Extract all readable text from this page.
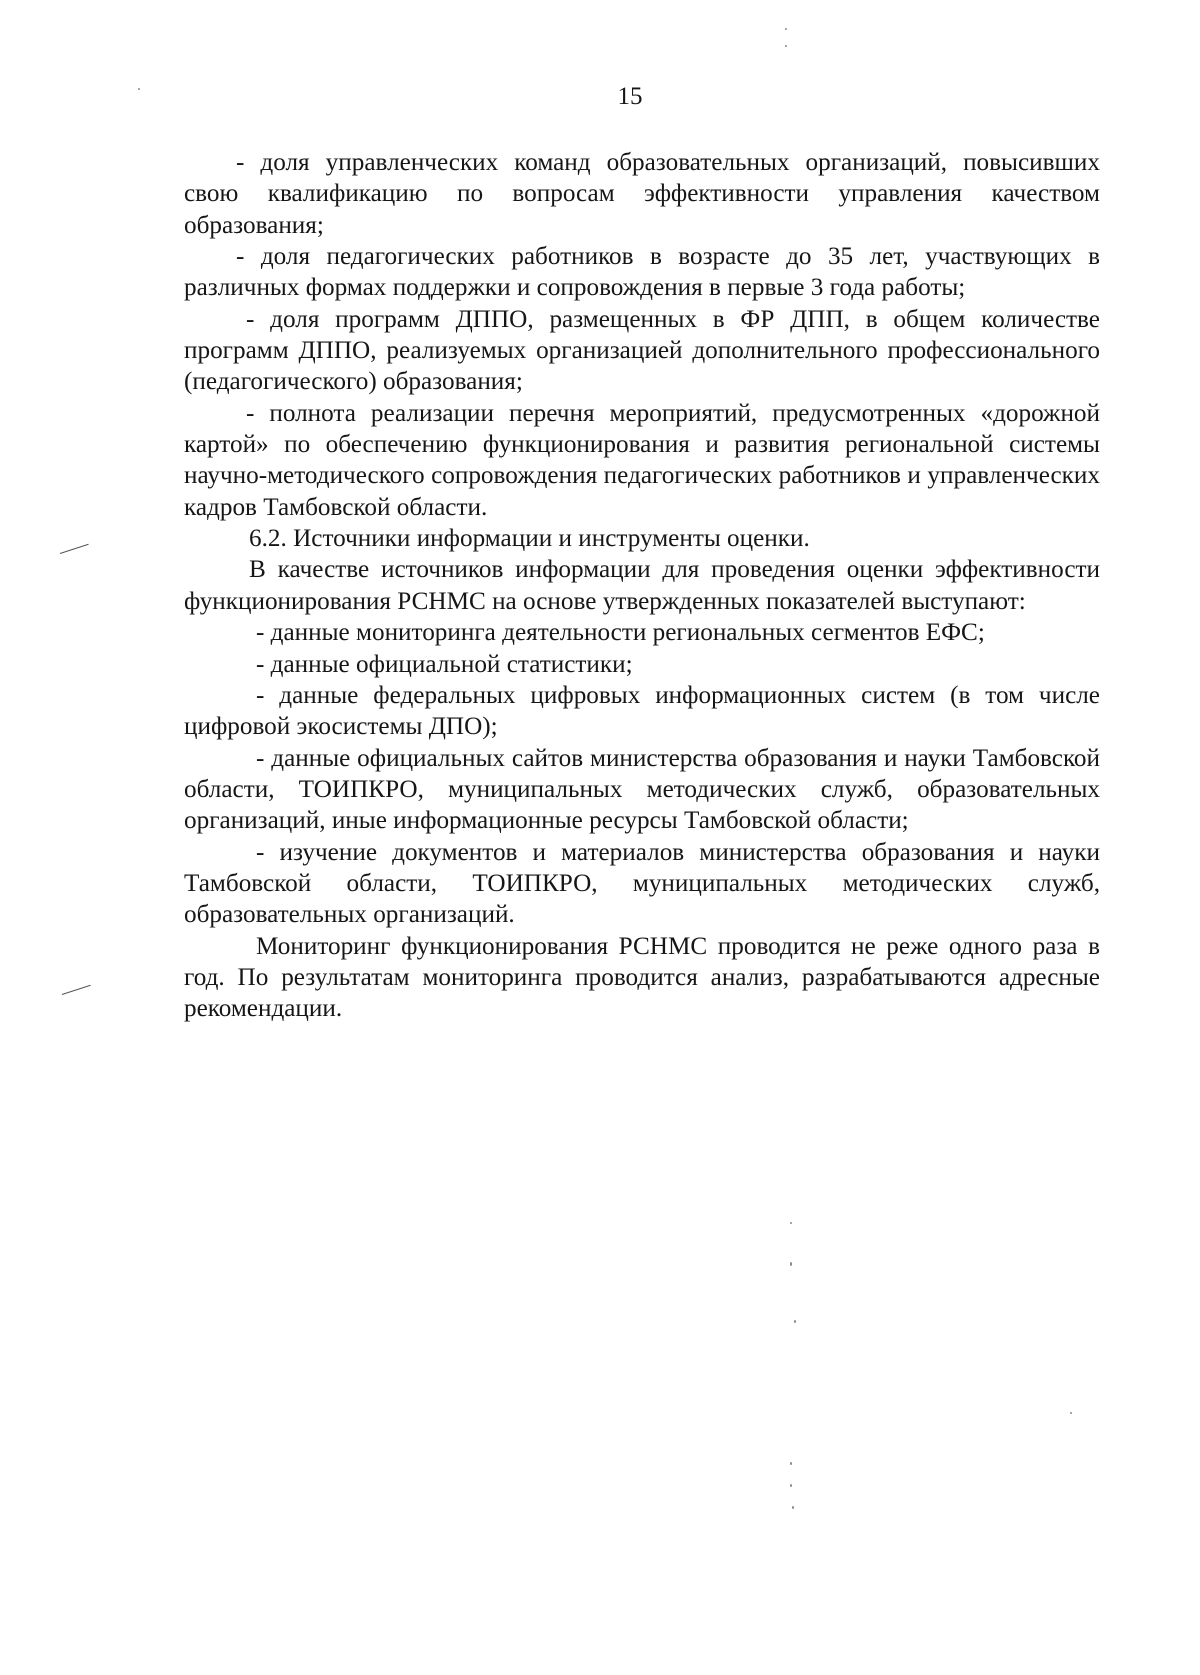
15

- доля управленческих команд образовательных организаций, повысивших свою квалификацию по вопросам эффективности управления качеством образования;

- доля педагогических работников в возрасте до 35 лет, участвующих в различных формах поддержки и сопровождения в первые 3 года работы;

- доля программ ДППО, размещенных в ФР ДПП, в общем количестве программ ДППО, реализуемых организацией дополнительного профессионального (педагогического) образования;

- полнота реализации перечня мероприятий, предусмотренных «дорожной картой» по обеспечению функционирования и развития региональной системы научно-методического сопровождения педагогических работников и управленческих кадров Тамбовской области.

6.2. Источники информации и инструменты оценки.

В качестве источников информации для проведения оценки эффективности функционирования РСНМС на основе утвержденных показателей выступают:

- данные мониторинга деятельности региональных сегментов ЕФС;

- данные официальной статистики;

- данные федеральных цифровых информационных систем (в том числе цифровой экосистемы ДПО);

- данные официальных сайтов министерства образования и науки Тамбовской области, ТОИПКРО, муниципальных методических служб, образовательных организаций, иные информационные ресурсы Тамбовской области;

- изучение документов и материалов министерства образования и науки Тамбовской области, ТОИПКРО, муниципальных методических служб, образовательных организаций.

Мониторинг функционирования РСНМС проводится не реже одного раза в год. По результатам мониторинга проводится анализ, разрабатываются адресные рекомендации.
